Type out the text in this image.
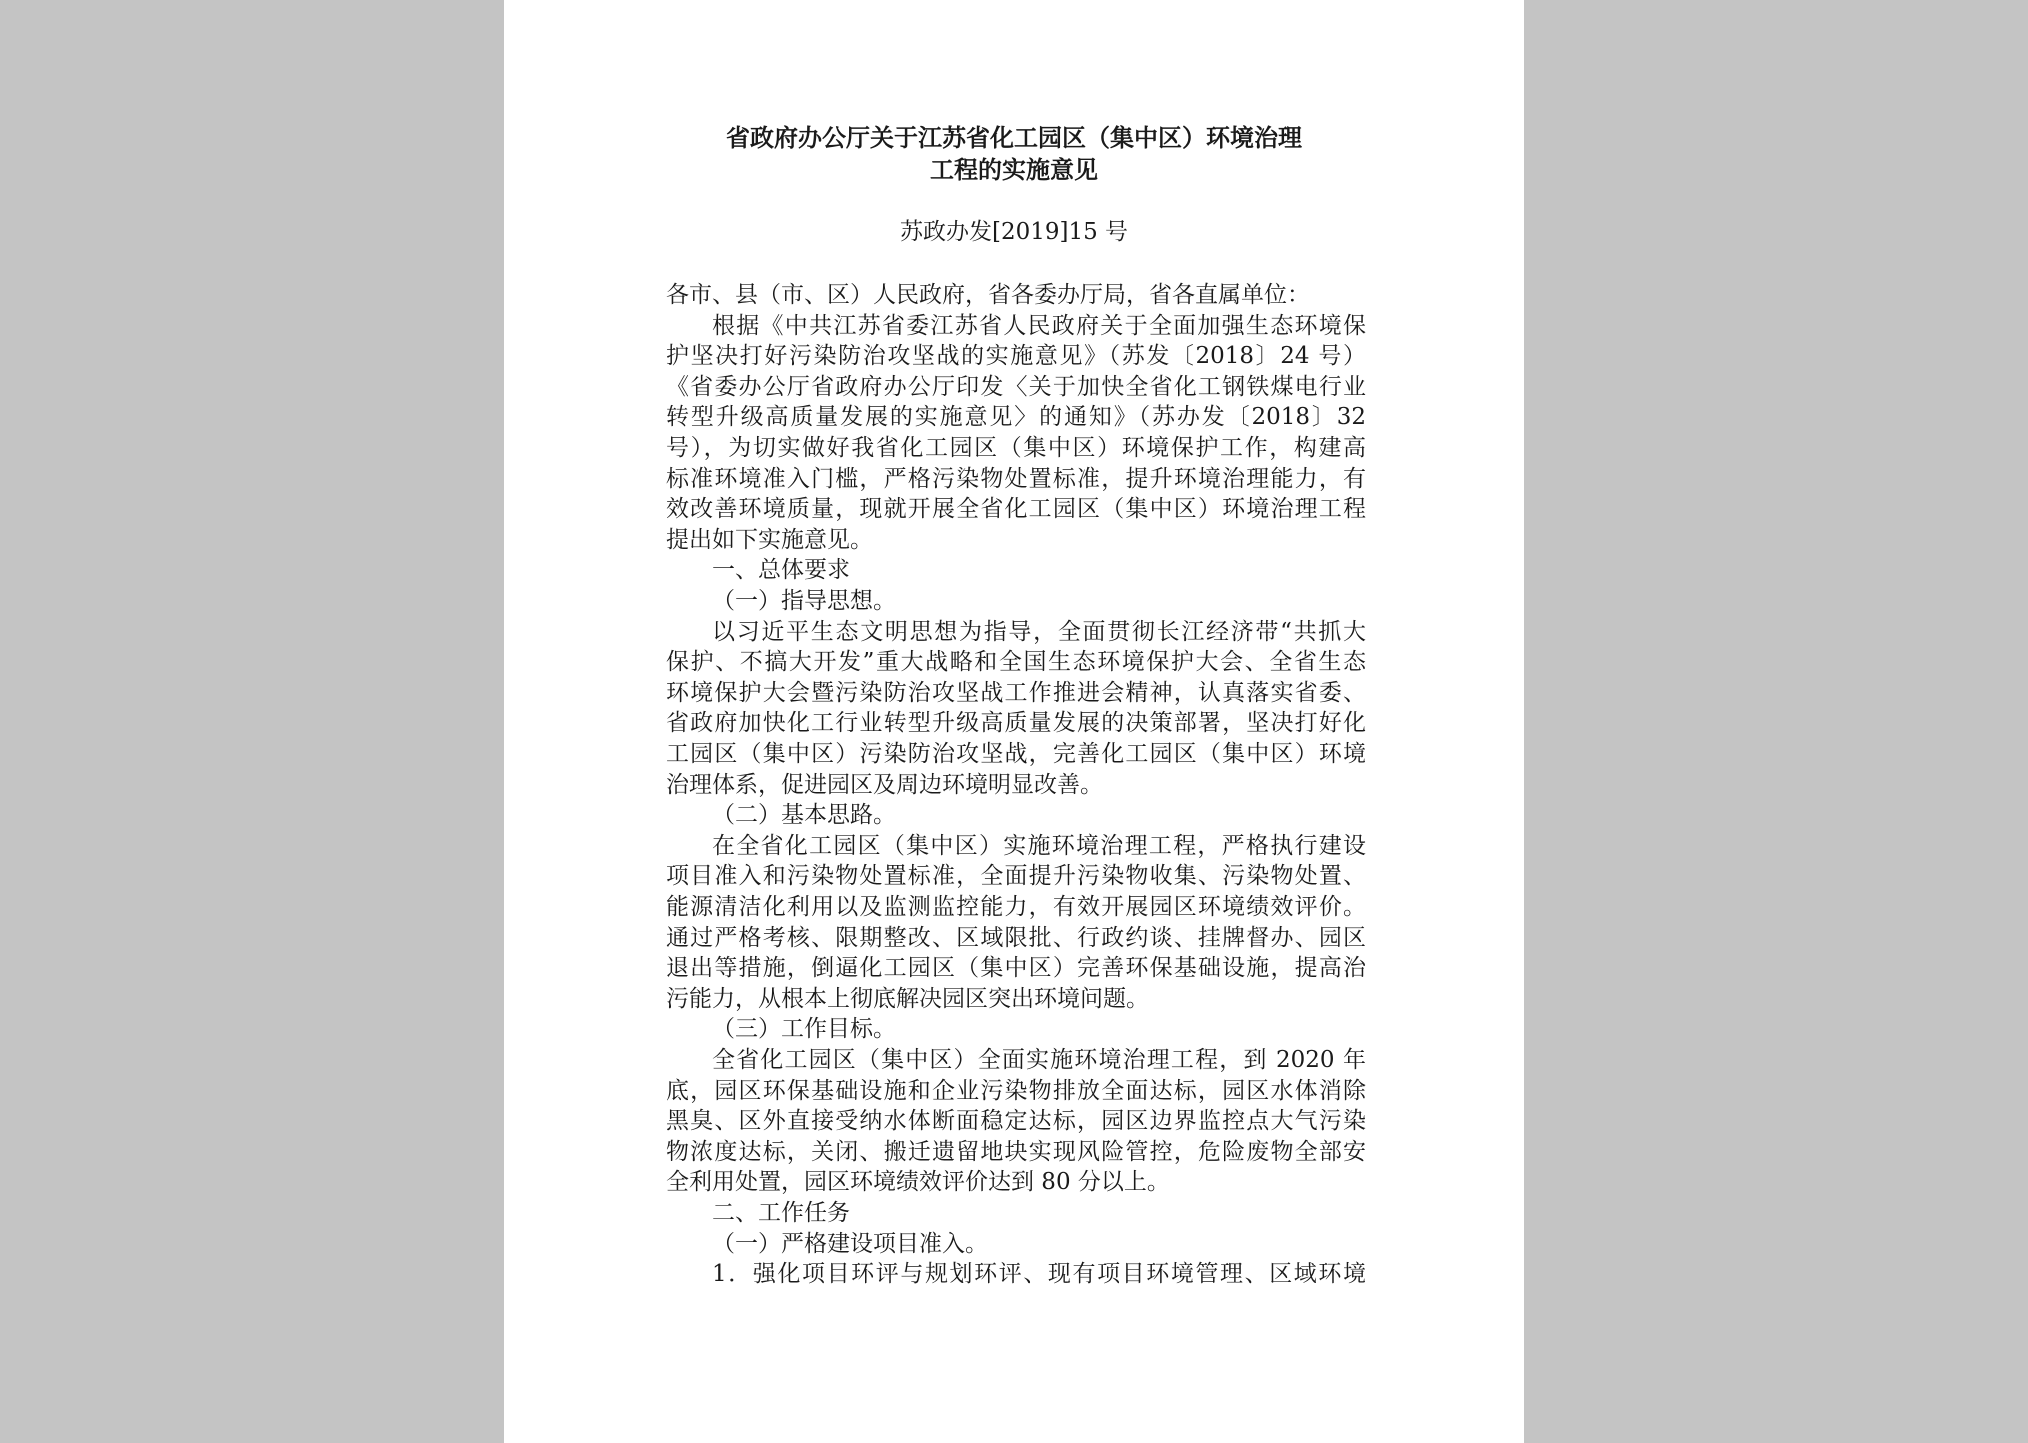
省政府办公厅关于江苏省化工园区（集中区）环境治理
工程的实施意见
苏政办发[2019]15 号
各市、县（市、区）人民政府，省各委办厅局，省各直属单位：
根据《中共江苏省委江苏省人民政府关于全面加强生态环境保
护坚决打好污染防治攻坚战的实施意见》（苏发〔2018〕24 号）
《省委办公厅省政府办公厅印发〈关于加快全省化工钢铁煤电行业
转型升级高质量发展的实施意见〉的通知》（苏办发〔2018〕32
号），为切实做好我省化工园区（集中区）环境保护工作，构建高
标准环境准入门槛，严格污染物处置标准，提升环境治理能力，有
效改善环境质量，现就开展全省化工园区（集中区）环境治理工程
提出如下实施意见。
一、总体要求
（一）指导思想。
以习近平生态文明思想为指导，全面贯彻长江经济带“共抓大
保护、不搞大开发”重大战略和全国生态环境保护大会、全省生态
环境保护大会暨污染防治攻坚战工作推进会精神，认真落实省委、
省政府加快化工行业转型升级高质量发展的决策部署，坚决打好化
工园区（集中区）污染防治攻坚战，完善化工园区（集中区）环境
治理体系，促进园区及周边环境明显改善。
（二）基本思路。
在全省化工园区（集中区）实施环境治理工程，严格执行建设
项目准入和污染物处置标准，全面提升污染物收集、污染物处置、
能源清洁化利用以及监测监控能力，有效开展园区环境绩效评价。
通过严格考核、限期整改、区域限批、行政约谈、挂牌督办、园区
退出等措施，倒逼化工园区（集中区）完善环保基础设施，提高治
污能力，从根本上彻底解决园区突出环境问题。
（三）工作目标。
全省化工园区（集中区）全面实施环境治理工程，到 2020 年
底，园区环保基础设施和企业污染物排放全面达标，园区水体消除
黑臭、区外直接受纳水体断面稳定达标，园区边界监控点大气污染
物浓度达标，关闭、搬迁遗留地块实现风险管控，危险废物全部安
全利用处置，园区环境绩效评价达到 80 分以上。
二、工作任务
（一）严格建设项目准入。
1．强化项目环评与规划环评、现有项目环境管理、区域环境
